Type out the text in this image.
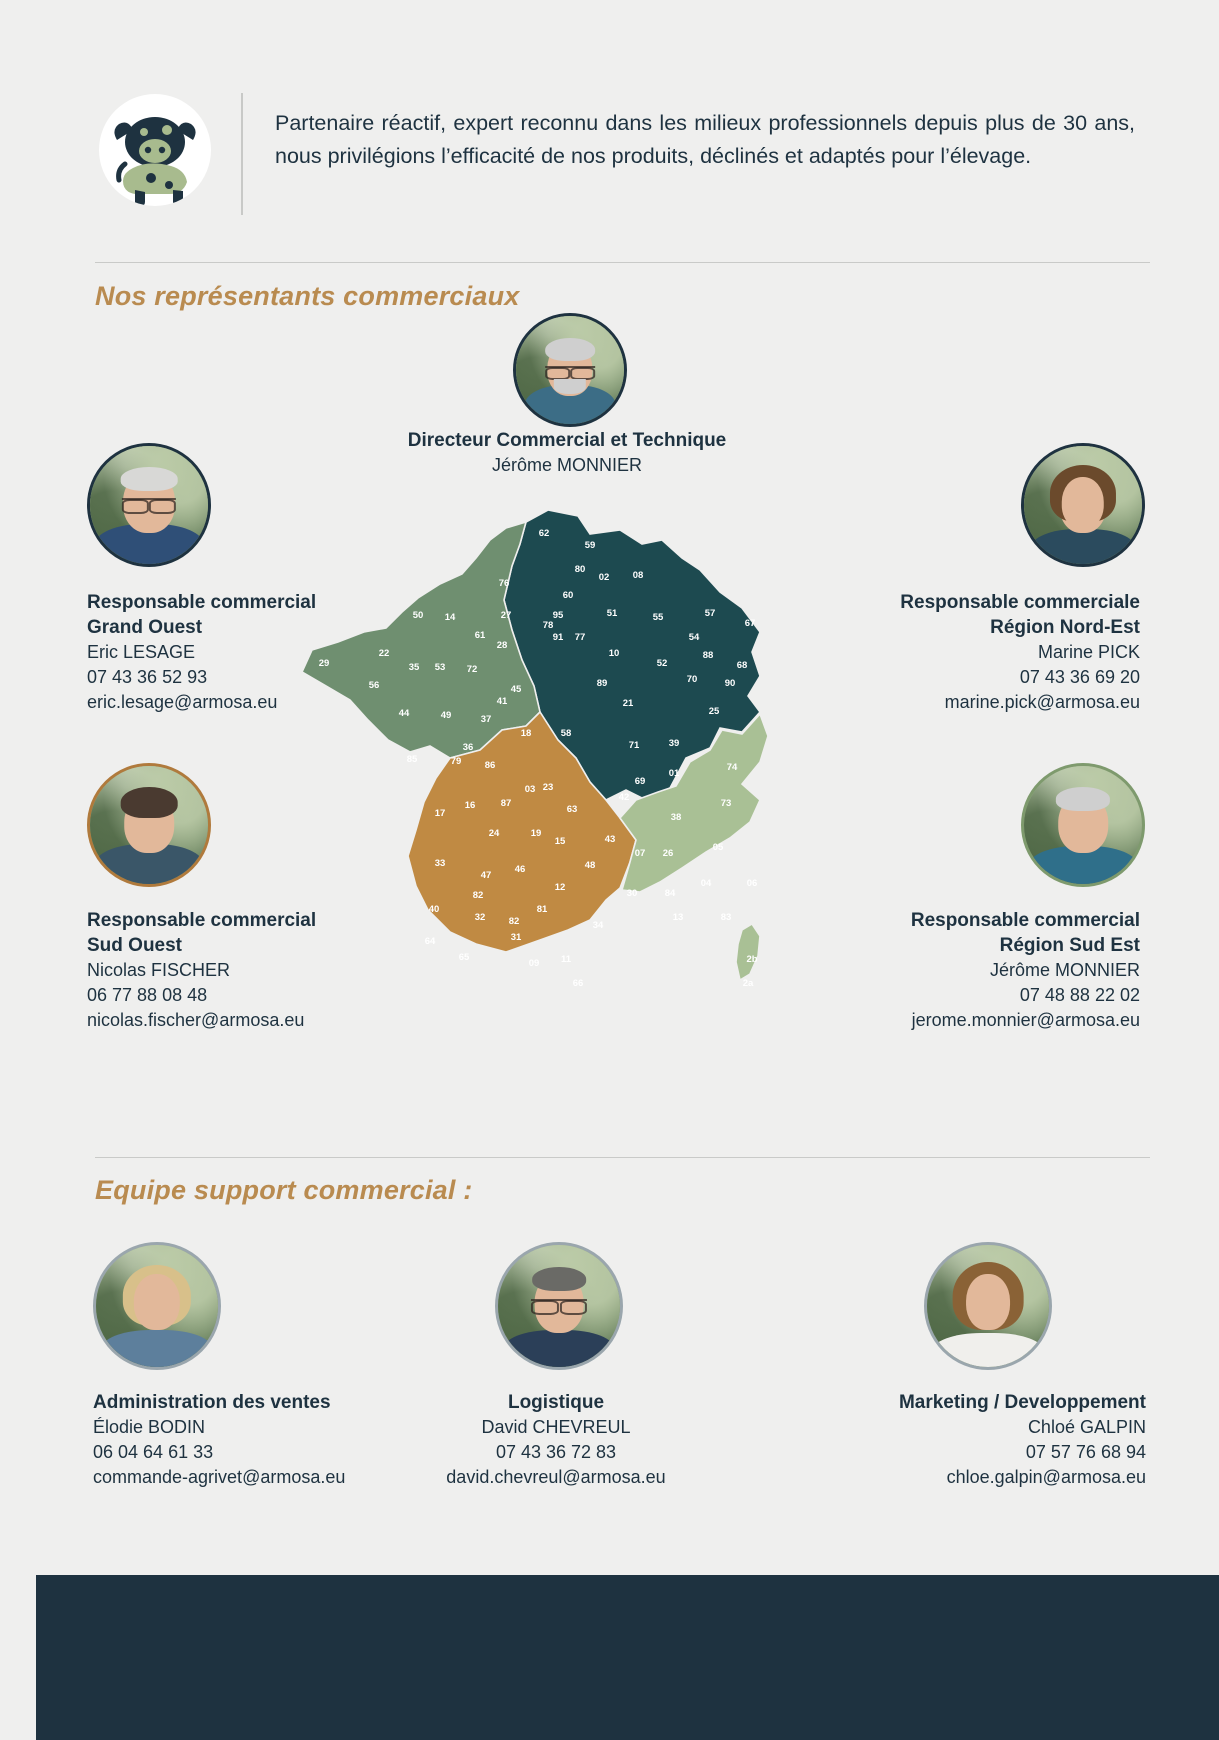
Partenaire réactif, expert reconnu dans les milieux professionnels depuis plus de 30 ans, nous privilégions l’efficacité de nos produits, déclinés et adaptés pour l’élevage.
Nos représentants commerciaux
Directeur Commercial et Technique
Jérôme MONNIER
Responsable commercial
Grand Ouest
Eric LESAGE
07 43 36 52 93
eric.lesage@armosa.eu
Responsable commerciale
Région Nord-Est
Marine PICK
07 43 36 69 20
marine.pick@armosa.eu
Responsable commercial
Sud Ouest
Nicolas FISCHER
06 77 88 08 48
nicolas.fischer@armosa.eu
Responsable commercial
Région Sud Est
Jérôme MONNIER
07 48 88 22 02
jerome.monnier@armosa.eu
62
59
80
02 08
76
60
95
78
91 77
51	55	57
67
54
10
52
88
68
70	90
89
21
25
71	39
01
74
73
27
28
61
14
50
53
35
22
29
56
72
44	49
45
41
37
36
18	58
85	79 86
03 23
17
16	87
63
19
24
15	43
33
46
47
48
12
40
82
82
81
32
31
64
65
09 11
66
34
69
42
38
07 26
05
30	84
04	06
13	83
2b
2a
Equipe support commercial :
Administration des ventes
Élodie BODIN
06 04 64 61 33
commande-agrivet@armosa.eu
Logistique
David CHEVREUL
07 43 36 72 83
david.chevreul@armosa.eu
Marketing / Developpement
Chloé GALPIN
07 57 76 68 94
chloe.galpin@armosa.eu
